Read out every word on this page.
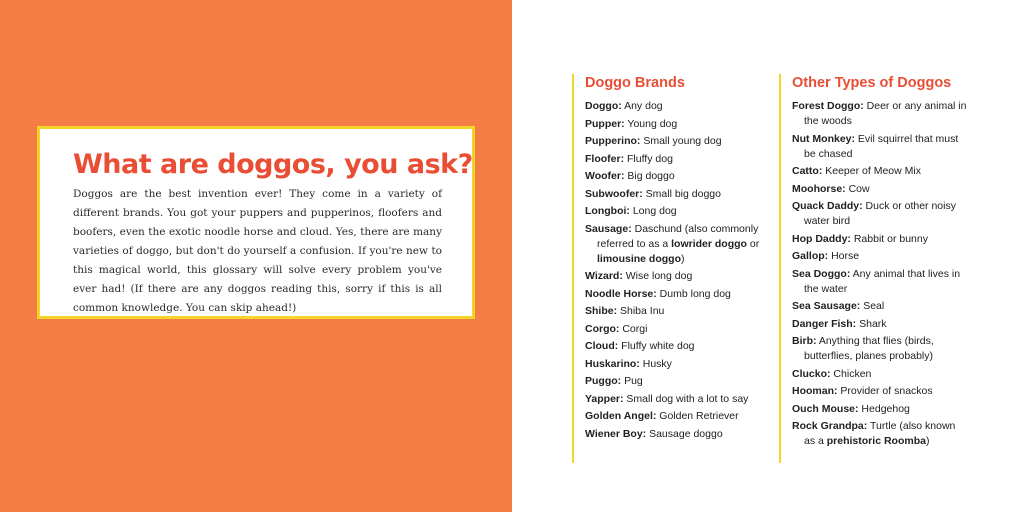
What are doggos, you ask?

Doggos are the best invention ever! They come in a variety of different brands. You got your puppers and pupperinos, floofers and boofers, even the exotic noodle horse and cloud. Yes, there are many varieties of doggo, but don't do yourself a confusion. If you're new to this magical world, this glossary will solve every problem you've ever had! (If there are any doggos reading this, sorry if this is all common knowledge. You can skip ahead!)

Doggo Brands
Doggo: Any dog
Pupper: Young dog
Pupperino: Small young dog
Floofer: Fluffy dog
Woofer: Big doggo
Subwoofer: Small big doggo
Longboi: Long dog
Sausage: Daschund (also commonly referred to as a lowrider doggo or limousine doggo)
Wizard: Wise long dog
Noodle Horse: Dumb long dog
Shibe: Shiba Inu
Corgo: Corgi
Cloud: Fluffy white dog
Huskarino: Husky
Puggo: Pug
Yapper: Small dog with a lot to say
Golden Angel: Golden Retriever
Wiener Boy: Sausage doggo
Other Types of Doggos
Forest Doggo: Deer or any animal in the woods
Nut Monkey: Evil squirrel that must be chased
Catto: Keeper of Meow Mix
Moohorse: Cow
Quack Daddy: Duck or other noisy water bird
Hop Daddy: Rabbit or bunny
Gallop: Horse
Sea Doggo: Any animal that lives in the water
Sea Sausage: Seal
Danger Fish: Shark
Birb: Anything that flies (birds, butterflies, planes probably)
Clucko: Chicken
Hooman: Provider of snackos
Ouch Mouse: Hedgehog
Rock Grandpa: Turtle (also known as a prehistoric Roomba)
